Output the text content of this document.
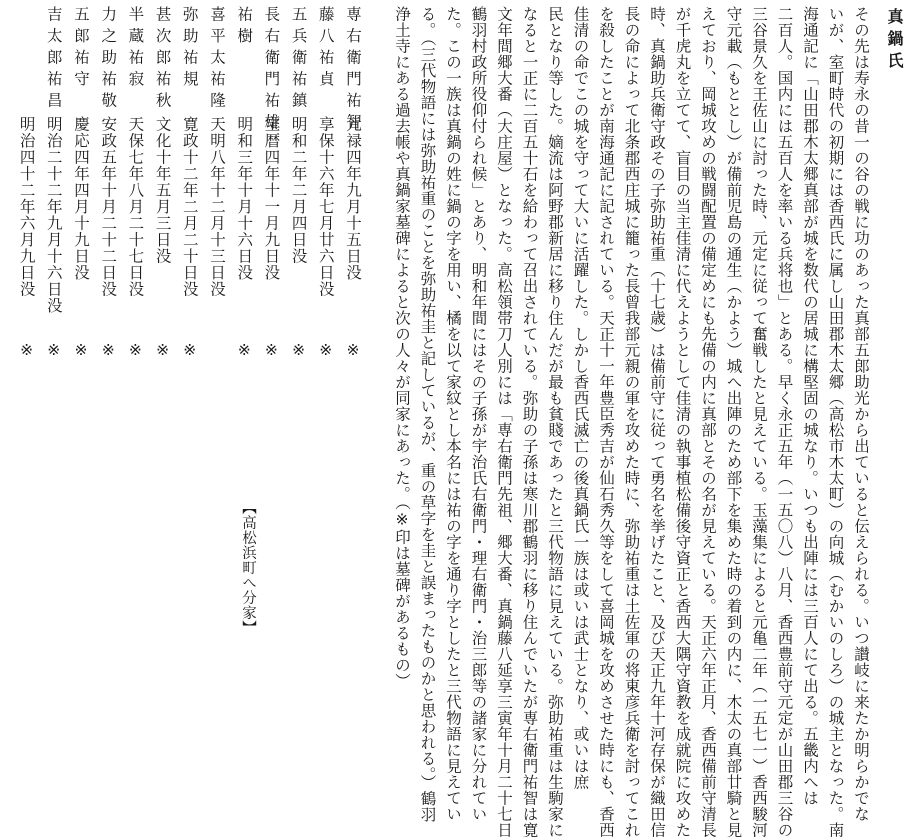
真鍋氏
その先は寿永の昔一の谷の戦に功のあった真部五郎助光から出ていると伝えられる。いつ讃岐に来たか明らかでな
いが、室町時代の初期には香西氏に属し山田郡木太郷（高松市木太町）の向城（むかいのしろ）の城主となった。南
海通記に「山田郡木太郷真部が城を数代の居城に構堅固の城なり。いつも出陣には三百人にて出る。五畿内へは
二百人。国内には五百人を率いる兵将也」とある。早く永正五年（一五〇八）八月、香西豊前守元定が山田郡三谷の
三谷景久を王佐山に討った時、元定に従って奮戦したと見えている。玉藻集によると元亀二年（一五七一）香西駿河
守元載（もととし）が備前児島の通生（かよう）城へ出陣のため部下を集めた時の着到の内に、木太の真部廿騎と見
えており、岡城攻めの戦闘配置の備定めにも先備の内に真部とその名が見えている。天正六年正月、香西備前守清長
が千虎丸を立てて、盲目の当主佳清に代えようとして佳清の執事植松備後守資正と香西大隅守資教を成就院に攻めた
時、真鍋助兵衛守政その子弥助祐重（十七歳）は備前守に従って勇名を挙げたこと、及び天正九年十河存保が織田信
長の命によって北条郡西庄城に籠った長曾我部元親の軍を攻めた時に、弥助祐重は土佐軍の将東彦兵衛を討ってこれ
を殺したことが南海通記に記されている。天正十一年豊臣秀吉が仙石秀久等をして喜岡城を攻めさせた時にも、香西
佳清の命でこの城を守って大いに活躍した。しかし香西氏滅亡の後真鍋氏一族は或いは武士となり、或いは庶
民となり等した。嫡流は阿野郡新居に移り住んだが最も貧賤であったと三代物語に見えている。弥助祐重は生駒家に
なると一正に二百五十石を給わって召出されている。弥助の子孫は寒川郡鶴羽に移り住んでいたが専右衛門祐智は寛
文年間郷大番（大庄屋）となった。高松領帯刀人別には「専右衛門先祖、郷大番、真鍋藤八延享三寅年十月二十七日
鶴羽村政所役仰付られ候」とあり、明和年間にはその子孫が宇治氏右衛門・理右衛門・治三郎等の諸家に分れてい
た。この一族は真鍋の姓に鍋の字を用い、橘を以て家紋とし本名には祐の字を通り字としたと三代物語に見えてい
る。（三代物語には弥助祐重のことを弥助祐圭と記しているが、重の草字を圭と誤まったものかと思われる。）鶴羽
浄土寺にある過去帳や真鍋家墓碑によると次の人々が同家にあった。（※印は墓碑があるもの）
専右衛門祐智元禄四年九月十五日没※
藤八祐貞享保十六年七月廿六日没※
五兵衛祐鎮明和二年二月四日没※
長右衛門祐雄宝暦四年十一月九日没※
祐樹明和三年十月十六日没※
喜平太祐隆天明八年十二月十三日没
弥助祐規寛政十二年二月二十日没※
甚次郎祐秋文化十年五月三日没※
半蔵祐寂天保七年八月二十七日没※
力之助祐敬安政五年十月二十二日没※
五郎祐守慶応四年四月十九日没※
吉太郎祐昌明治二十二年九月十六日没※
明治四十二年六月九日没※
【高松浜町へ分家】
